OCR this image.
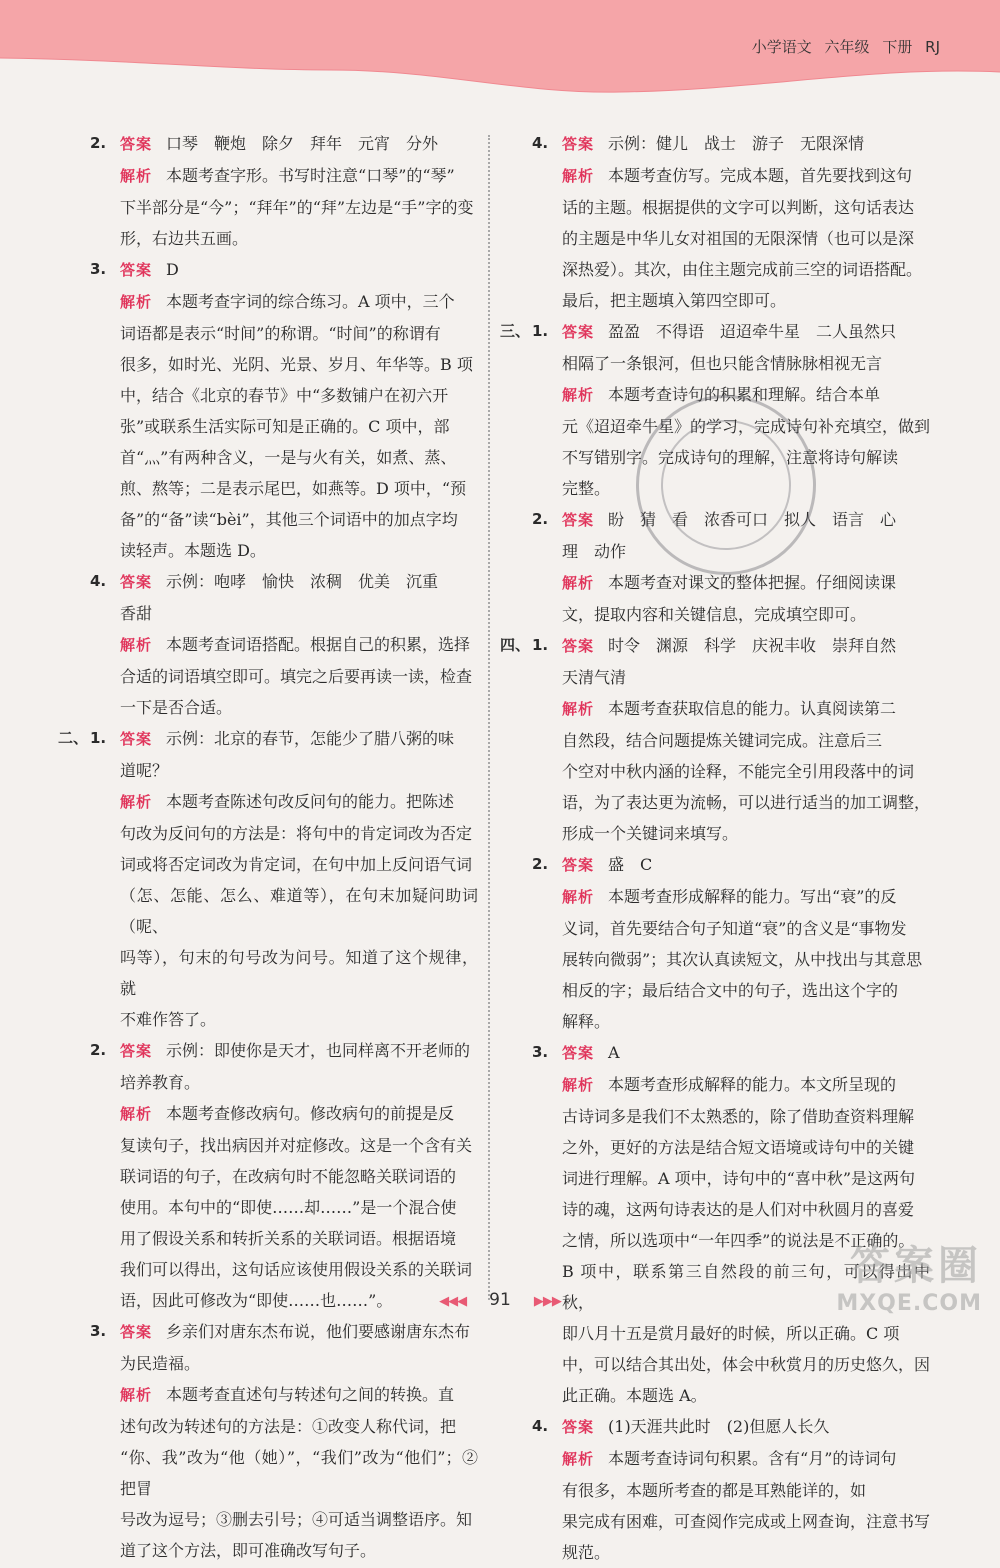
小学语文 六年级 下册 RJ
2. 答案 口琴　鞭炮　除夕　拜年　元宵　分外
解析 本题考查字形。书写时注意“口琴”的“琴”
下半部分是“今”；“拜年”的“拜”左边是“手”字的变
形，右边共五画。
3. 答案 D
解析 本题考查字词的综合练习。A 项中，三个
词语都是表示“时间”的称谓。“时间”的称谓有
很多，如时光、光阴、光景、岁月、年华等。B 项
中，结合《北京的春节》中“多数铺户在初六开
张”或联系生活实际可知是正确的。C 项中，部
首“灬”有两种含义，一是与火有关，如煮、蒸、
煎、熬等；二是表示尾巴，如燕等。D 项中，“预
备”的“备”读“bèi”，其他三个词语中的加点字均
读轻声。本题选 D。
4. 答案 示例：咆哮　愉快　浓稠　优美　沉重
香甜
解析 本题考查词语搭配。根据自己的积累，选择
合适的词语填空即可。填完之后要再读一读，检查
一下是否合适。
二、 1. 答案 示例：北京的春节，怎能少了腊八粥的味
道呢？
解析 本题考查陈述句改反问句的能力。把陈述
句改为反问句的方法是：将句中的肯定词改为否定
词或将否定词改为肯定词，在句中加上反问语气词
（怎、怎能、怎么、难道等），在句末加疑问助词（呢、
吗等），句末的句号改为问号。知道了这个规律，就
不难作答了。
2. 答案 示例：即使你是天才，也同样离不开老师的
培养教育。
解析 本题考查修改病句。修改病句的前提是反
复读句子，找出病因并对症修改。这是一个含有关
联词语的句子，在改病句时不能忽略关联词语的
使用。本句中的“即使……却……”是一个混合使
用了假设关系和转折关系的关联词语。根据语境
我们可以得出，这句话应该使用假设关系的关联词
语，因此可修改为“即使……也……”。
3. 答案 乡亲们对唐东杰布说，他们要感谢唐东杰布
为民造福。
解析 本题考查直述句与转述句之间的转换。直
述句改为转述句的方法是：①改变人称代词，把
“你、我”改为“他（她）”，“我们”改为“他们”；②把冒
号改为逗号；③删去引号；④可适当调整语序。知
道了这个方法，即可准确改写句子。
4. 答案 示例：健儿　战士　游子　无限深情
解析 本题考查仿写。完成本题，首先要找到这句
话的主题。根据提供的文字可以判断，这句话表达
的主题是中华儿女对祖国的无限深情（也可以是深
深热爱）。其次，由住主题完成前三空的词语搭配。
最后，把主题填入第四空即可。
三、 1. 答案 盈盈　不得语　迢迢牵牛星　二人虽然只
相隔了一条银河，但也只能含情脉脉相视无言
解析 本题考查诗句的积累和理解。结合本单
元《迢迢牵牛星》的学习，完成诗句补充填空，做到
不写错别字。完成诗句的理解，注意将诗句解读
完整。
2. 答案 盼　猜　看　浓香可口　拟人　语言　心
理　动作
解析 本题考查对课文的整体把握。仔细阅读课
文，提取内容和关键信息，完成填空即可。
四、 1. 答案 时令　渊源　科学　庆祝丰收　崇拜自然
天清气清
解析 本题考查获取信息的能力。认真阅读第二
自然段，结合问题提炼关键词完成。注意后三
个空对中秋内涵的诠释，不能完全引用段落中的词
语，为了表达更为流畅，可以进行适当的加工调整，
形成一个关键词来填写。
2. 答案 盛　C
解析 本题考查形成解释的能力。写出“衰”的反
义词，首先要结合句子知道“衰”的含义是“事物发
展转向微弱”；其次认真读短文，从中找出与其意思
相反的字；最后结合文中的句子，选出这个字的
解释。
3. 答案 A
解析 本题考查形成解释的能力。本文所呈现的
古诗词多是我们不太熟悉的，除了借助查资料理解
之外，更好的方法是结合短文语境或诗句中的关键
词进行理解。A 项中，诗句中的“喜中秋”是这两句
诗的魂，这两句诗表达的是人们对中秋圆月的喜爱
之情，所以选项中“一年四季”的说法是不正确的。
B 项中，联系第三自然段的前三句，可以得出中秋，
即八月十五是赏月最好的时候，所以正确。C 项
中，可以结合其出处，体会中秋赏月的历史悠久，因
此正确。本题选 A。
4. 答案 (1)天涯共此时　(2)但愿人长久
解析 本题考查诗词句积累。含有“月”的诗词句
有很多，本题所考查的都是耳熟能详的，如
果完成有困难，可查阅作完成或上网查询，注意书写
规范。
◀◀◀ 91 ▶▶▶
答案圈
MXQE.COM
